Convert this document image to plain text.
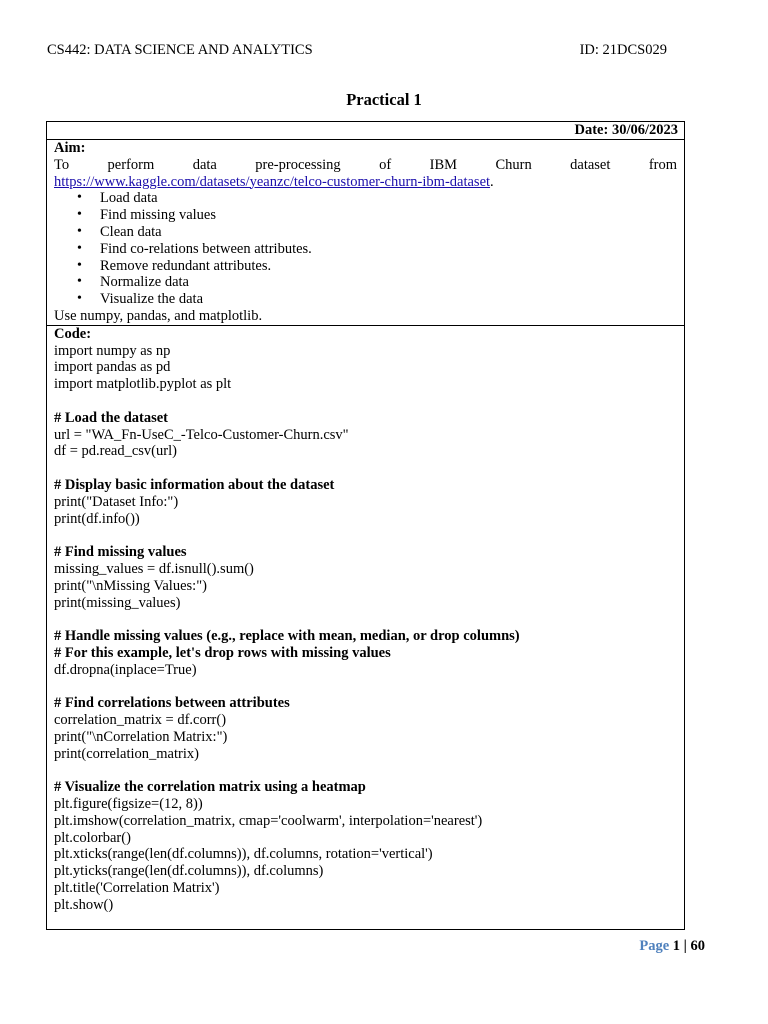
CS442: DATA SCIENCE AND ANALYTICS	ID: 21DCS029
Practical 1
Date: 30/06/2023
Aim:
To	perform	data	pre-processing	of	IBM	Churn	dataset	from
https://www.kaggle.com/datasets/yeanzc/telco-customer-churn-ibm-dataset.
• Load data
• Find missing values
• Clean data
• Find co-relations between attributes.
• Remove redundant attributes.
• Normalize data
• Visualize the data
Use numpy, pandas, and matplotlib.
Code:
import numpy as np
import pandas as pd
import matplotlib.pyplot as plt
# Load the dataset
url = "WA_Fn-UseC_-Telco-Customer-Churn.csv"
df = pd.read_csv(url)
# Display basic information about the dataset
print("Dataset Info:")
print(df.info())
# Find missing values
missing_values = df.isnull().sum()
print("\nMissing Values:")
print(missing_values)
# Handle missing values (e.g., replace with mean, median, or drop columns)
# For this example, let's drop rows with missing values
df.dropna(inplace=True)
# Find correlations between attributes
correlation_matrix = df.corr()
print("\nCorrelation Matrix:")
print(correlation_matrix)
# Visualize the correlation matrix using a heatmap
plt.figure(figsize=(12, 8))
plt.imshow(correlation_matrix, cmap='coolwarm', interpolation='nearest')
plt.colorbar()
plt.xticks(range(len(df.columns)), df.columns, rotation='vertical')
plt.yticks(range(len(df.columns)), df.columns)
plt.title('Correlation Matrix')
plt.show()
Page 1 | 60
